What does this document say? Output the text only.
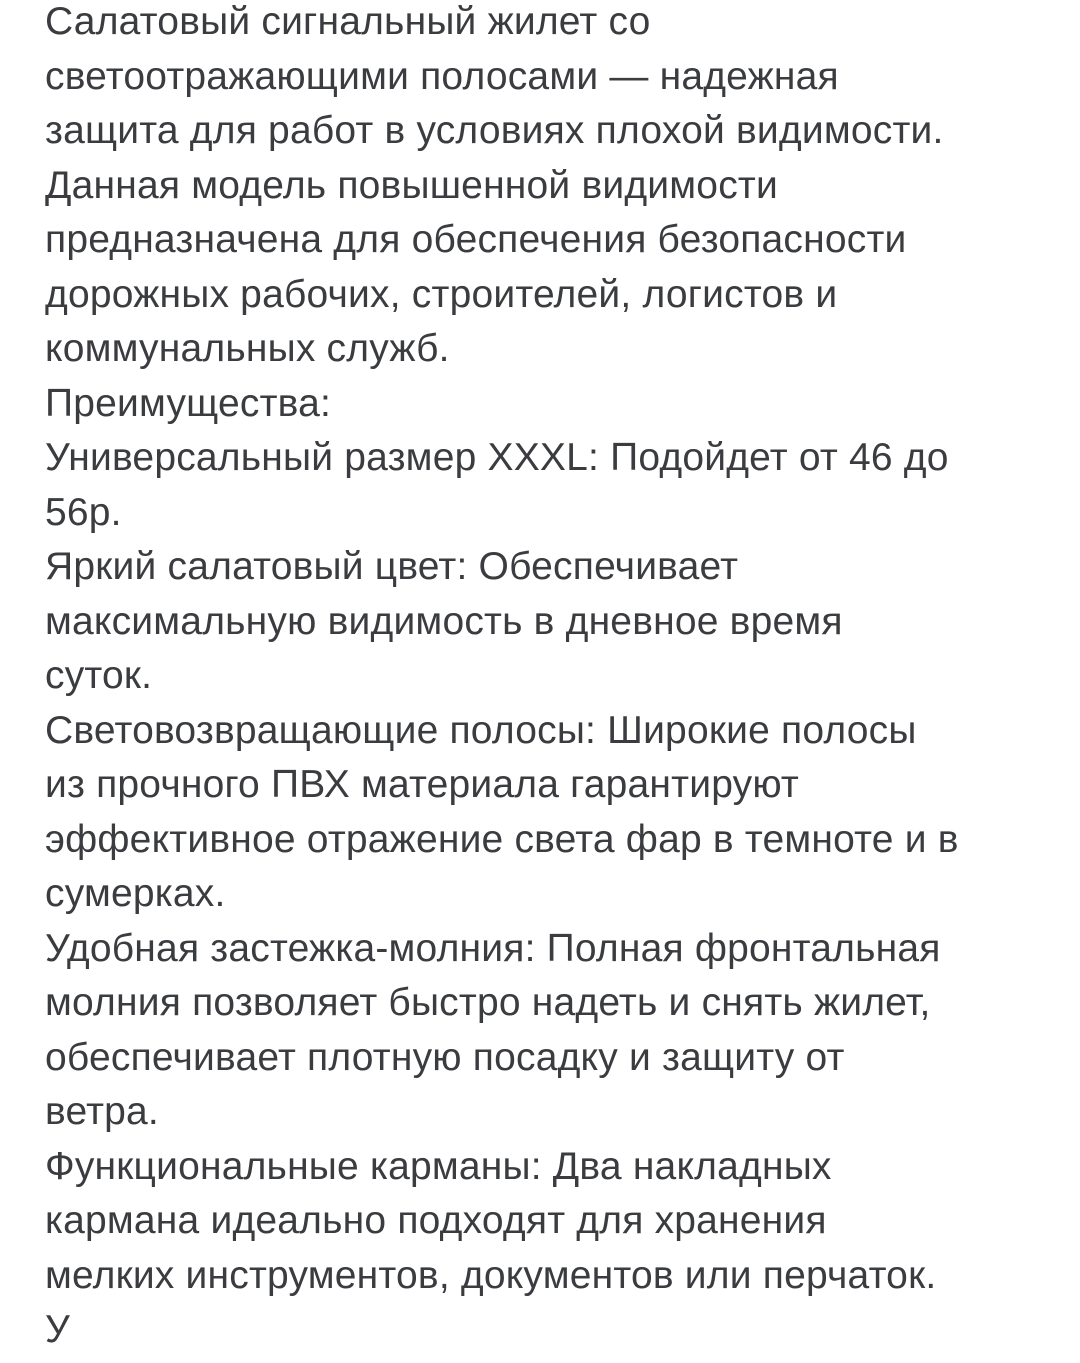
Салатовый сигнальный жилет со
светоотражающими полосами — надежная
защита для работ в условиях плохой видимости.
Данная модель повышенной видимости
предназначена для обеспечения безопасности
дорожных рабочих, строителей, логистов и
коммунальных служб.
Преимущества:
Универсальный размер XXXL: Подойдет от 46 до
56р.
Яркий салатовый цвет: Обеспечивает
максимальную видимость в дневное время
суток.
Световозвращающие полосы: Широкие полосы
из прочного ПВХ материала гарантируют
эффективное отражение света фар в темноте и в
сумерках.
Удобная застежка-молния: Полная фронтальная
молния позволяет быстро надеть и снять жилет,
обеспечивает плотную посадку и защиту от
ветра.
Функциональные карманы: Два накладных
кармана идеально подходят для хранения
мелких инструментов, документов или перчаток.
У
